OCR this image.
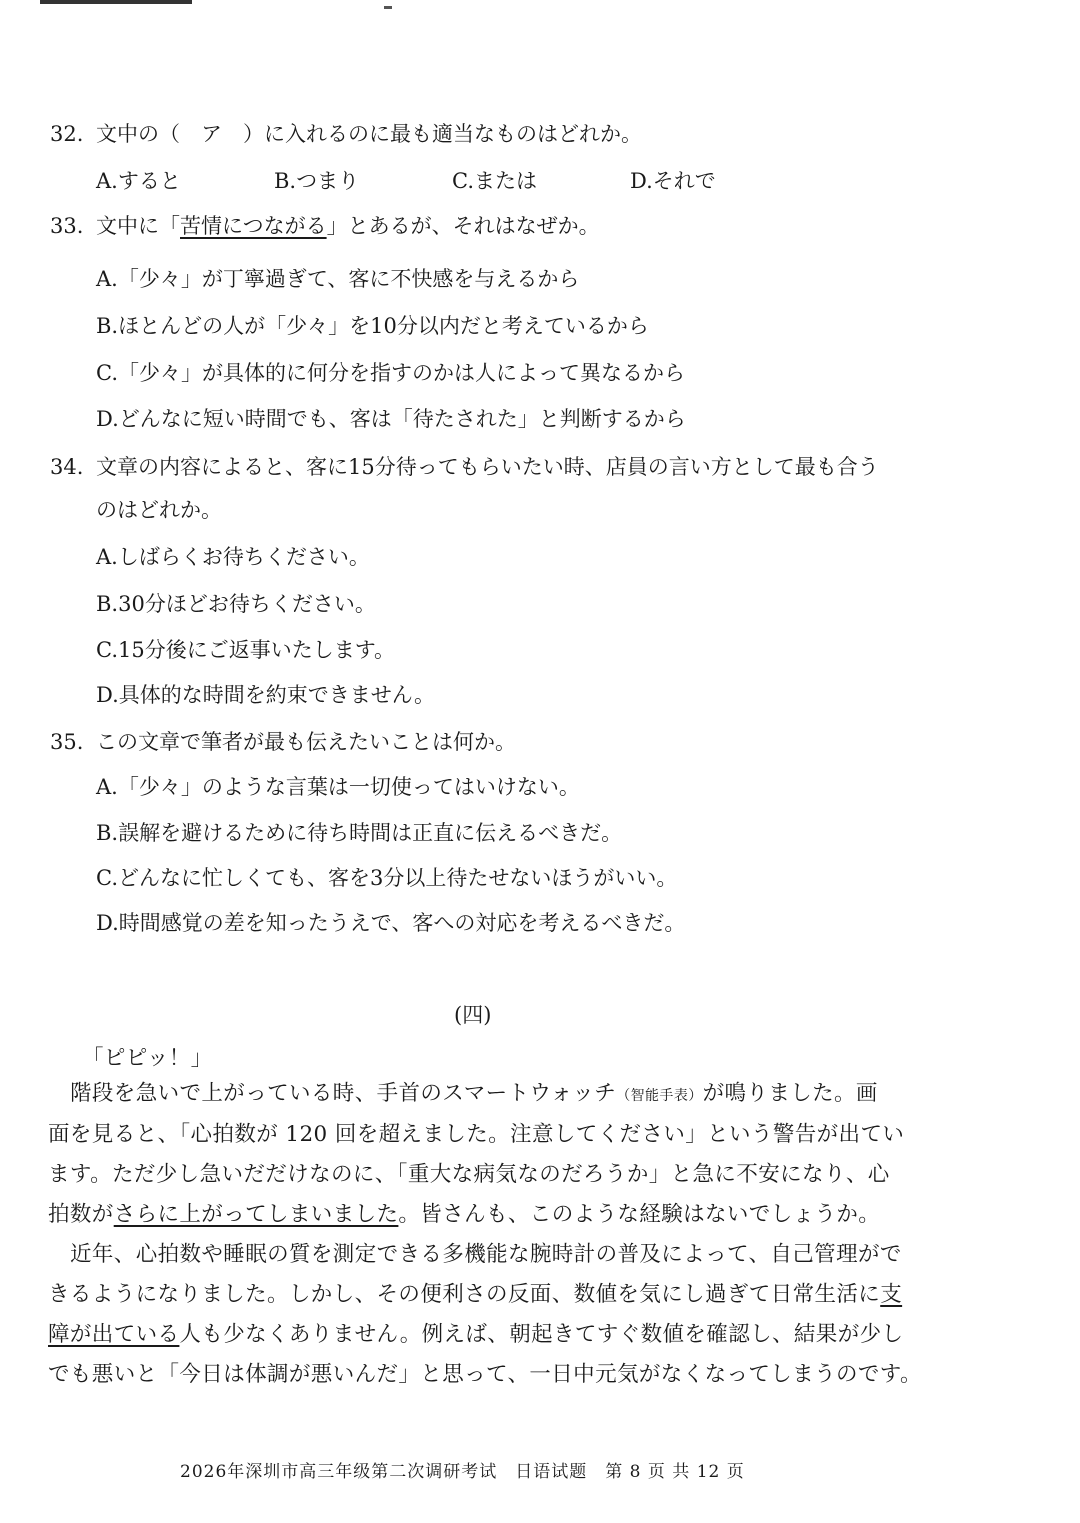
32. 文中の（　ア　）に入れるのに最も適当なものはどれか。
A.すると	B.つまり	C.または	D.それで
33. 文中に「苦情につながる」とあるが、それはなぜか。
A.「少々」が丁寧過ぎて、客に不快感を与えるから
B.ほとんどの人が「少々」を10分以内だと考えているから
C.「少々」が具体的に何分を指すのかは人によって異なるから
D.どんなに短い時間でも、客は「待たされた」と判断するから
34. 文章の内容によると、客に15分待ってもらいたい時、店員の言い方として最も合う
のはどれか。
A.しばらくお待ちください。
B.30分ほどお待ちください。
C.15分後にご返事いたします。
D.具体的な時間を約束できません。
35. この文章で筆者が最も伝えたいことは何か。
A.「少々」のような言葉は一切使ってはいけない。
B.誤解を避けるために待ち時間は正直に伝えるべきだ。
C.どんなに忙しくても、客を3分以上待たせないほうがいい。
D.時間感覚の差を知ったうえで、客への対応を考えるべきだ。
(四)
「ピピッ！」
階段を急いで上がっている時、手首のスマートウォッチ（智能手表）が鳴りました。画
面を見ると、「心拍数が 120 回を超えました。注意してください」という警告が出てい
ます。ただ少し急いだだけなのに、「重大な病気なのだろうか」と急に不安になり、心
拍数がさらに上がってしまいました。皆さんも、このような経験はないでしょうか。
近年、心拍数や睡眠の質を測定できる多機能な腕時計の普及によって、自己管理がで
きるようになりました。しかし、その便利さの反面、数値を気にし過ぎて日常生活に支
障が出ている人も少なくありません。例えば、朝起きてすぐ数値を確認し、結果が少し
でも悪いと「今日は体調が悪いんだ」と思って、一日中元気がなくなってしまうのです。
2026年深圳市高三年级第二次调研考试　日语试题　第 8 页 共 12 页
